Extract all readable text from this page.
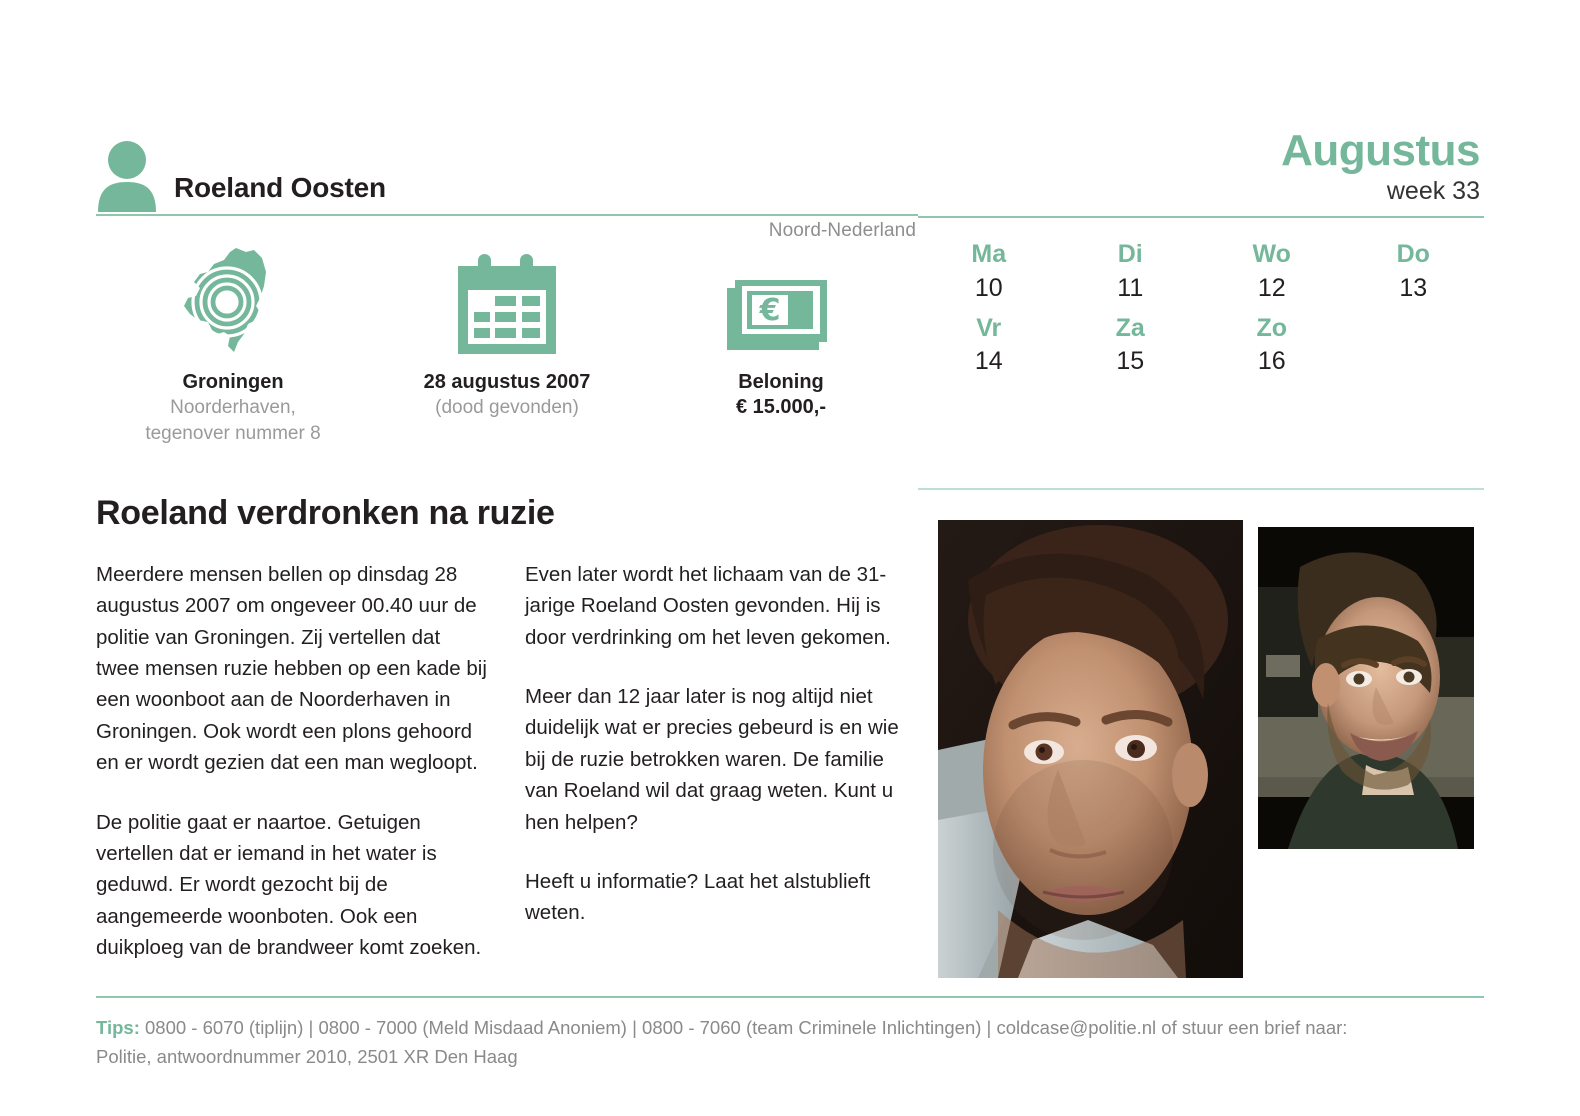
Roeland Oosten
Noord-Nederland
Groningen
Noorderhaven,
tegenover nummer 8
28 augustus 2007
(dood gevonden)
€
Beloning
€ 15.000,-
Augustus
week 33
Ma
10
Di
11
Wo
12
Do
13
Vr
14
Za
15
Zo
16
Roeland verdronken na ruzie

Meerdere mensen bellen op dinsdag 28 augustus 2007 om ongeveer 00.40 uur de politie van Groningen. Zij vertellen dat twee mensen ruzie hebben op een kade bij een woonboot aan de Noorderhaven in Groningen. Ook wordt een plons gehoord en er wordt gezien dat een man wegloopt.

De politie gaat er naartoe. Getuigen vertellen dat er iemand in het water is geduwd. Er wordt gezocht bij de aangemeerde woonboten. Ook een duikploeg van de brandweer komt zoeken.

Even later wordt het lichaam van de 31-jarige Roeland Oosten gevonden. Hij is door verdrinking om het leven gekomen.

Meer dan 12 jaar later is nog altijd niet duidelijk wat er precies gebeurd is en wie bij de ruzie betrokken waren. De familie van Roeland wil dat graag weten. Kunt u hen helpen?

Heeft u informatie? Laat het alstublieft weten.

Tips: 0800 - 6070 (tiplijn) | 0800 - 7000 (Meld Misdaad Anoniem) | 0800 - 7060 (team Criminele Inlichtingen) | coldcase@politie.nl of stuur een brief naar:
Politie, antwoordnummer 2010, 2501 XR Den Haag
